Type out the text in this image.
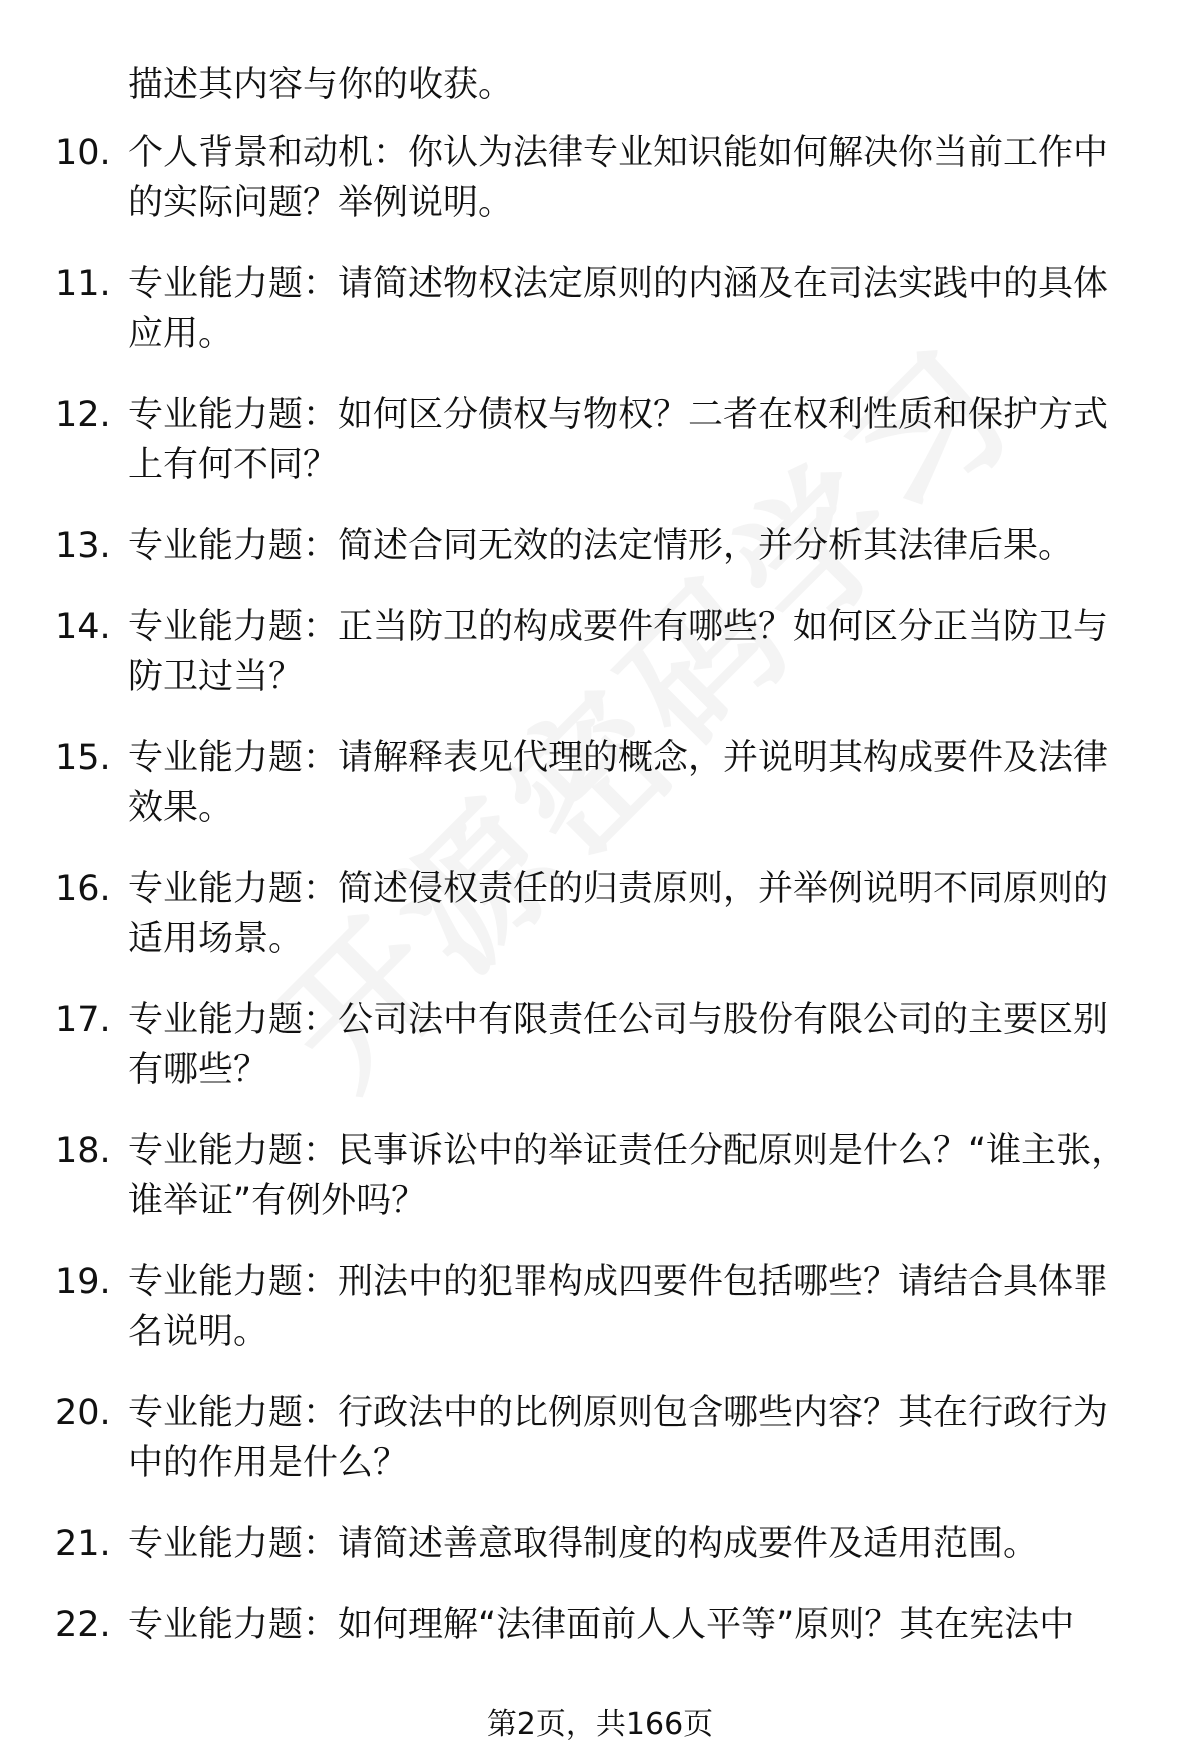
描述其内容与你的收获。
10. 个人背景和动机：你认为法律专业知识能如何解决你当前工作中的实际问题？举例说明。
11. 专业能力题：请简述物权法定原则的内涵及在司法实践中的具体应用。
12. 专业能力题：如何区分债权与物权？二者在权利性质和保护方式上有何不同？
13. 专业能力题：简述合同无效的法定情形，并分析其法律后果。
14. 专业能力题：正当防卫的构成要件有哪些？如何区分正当防卫与防卫过当？
15. 专业能力题：请解释表见代理的概念，并说明其构成要件及法律效果。
16. 专业能力题：简述侵权责任的归责原则，并举例说明不同原则的适用场景。
17. 专业能力题：公司法中有限责任公司与股份有限公司的主要区别有哪些？
18. 专业能力题：民事诉讼中的举证责任分配原则是什么？“谁主张，谁举证”有例外吗？
19. 专业能力题：刑法中的犯罪构成四要件包括哪些？请结合具体罪名说明。
20. 专业能力题：行政法中的比例原则包含哪些内容？其在行政行为中的作用是什么？
21. 专业能力题：请简述善意取得制度的构成要件及适用范围。
22. 专业能力题：如何理解“法律面前人人平等”原则？其在宪法中
第2页，共166页
